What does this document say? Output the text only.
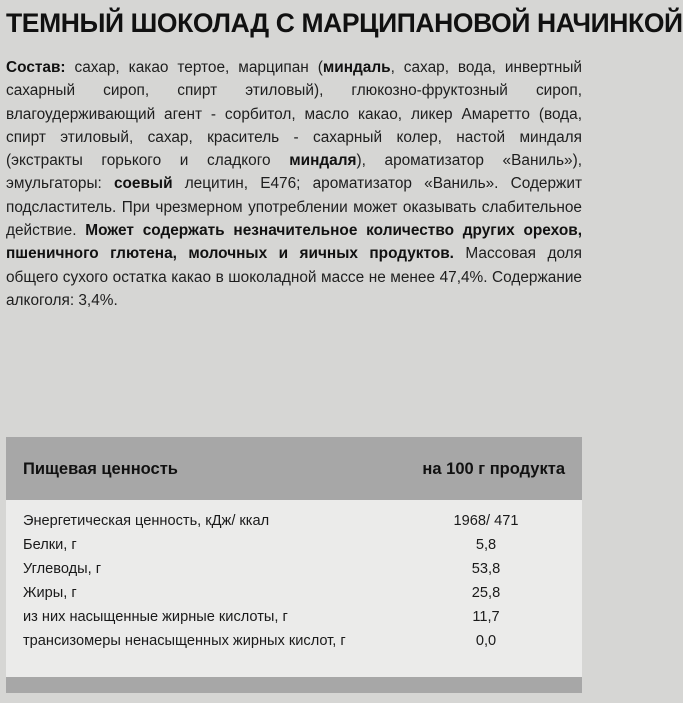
ТЕМНЫЙ ШОКОЛАД С МАРЦИПАНОВОЙ НАЧИНКОЙ
Состав: сахар, какао тертое, марципан (миндаль, сахар, вода, инвертный сахарный сироп, спирт этиловый), глюкозно-фруктозный сироп, влагоудерживающий агент - сорбитол, масло какао, ликер Амаретто (вода, спирт этиловый, сахар, краситель - сахарный колер, настой миндаля (экстракты горького и сладкого миндаля), ароматизатор «Ваниль»), эмульгаторы: соевый лецитин, Е476; ароматизатор «Ваниль». Содержит подсластитель. При чрезмерном употреблении может оказывать слабительное действие. Может содержать незначительное количество других орехов, пшеничного глютена, молочных и яичных продуктов. Массовая доля общего сухого остатка какао в шоколадной массе не менее 47,4%. Содержание алкоголя: 3,4%.
Пищевая ценность	на 100 г продукта
Энергетическая ценность, кДж/ ккал	1968/ 471
Белки, г	5,8
Углеводы, г	53,8
Жиры, г	25,8
из них насыщенные жирные кислоты, г	11,7
трансизомеры ненасыщенных жирных кислот, г	0,0
